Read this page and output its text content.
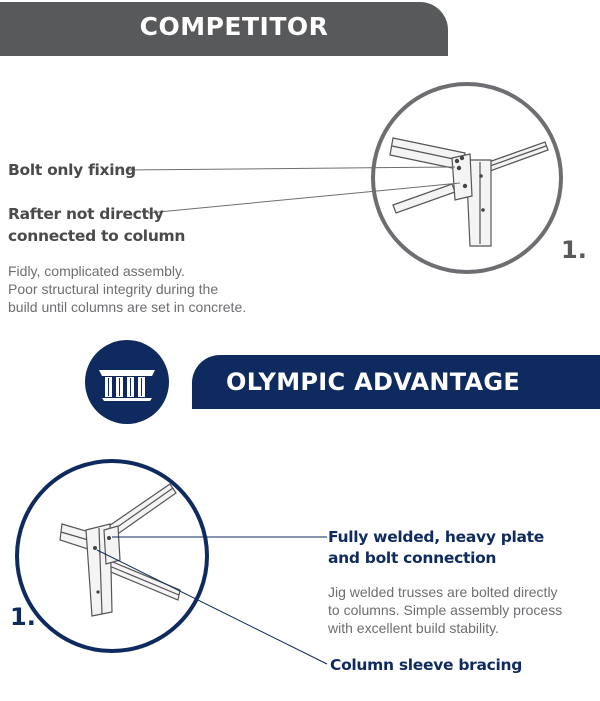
COMPETITOR
Bolt only fixing
Rafter not directly
connected to column
Fidly, complicated assembly.
Poor structural integrity during the
build until columns are set in concrete.
1.
OLYMPIC ADVANTAGE
Fully welded, heavy plate
and bolt connection
Jig welded trusses are bolted directly
to columns. Simple assembly process
with excellent build stability.
Column sleeve bracing
1.
